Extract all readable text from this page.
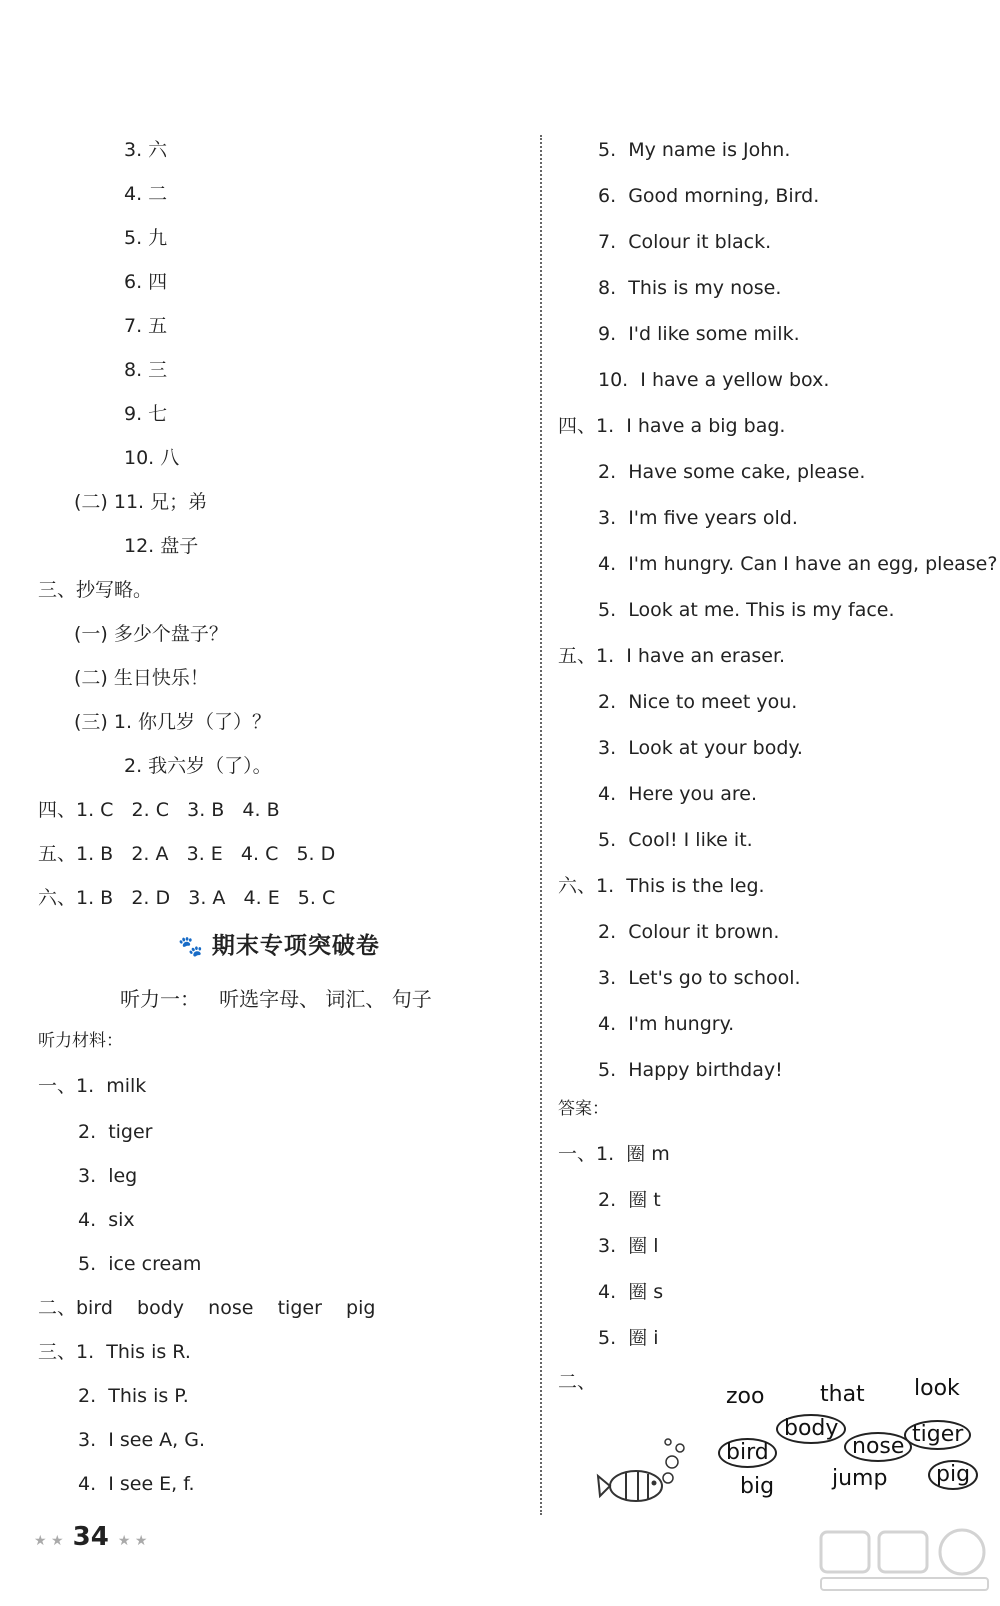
3. 六
4. 二
5. 九
6. 四
7. 五
8. 三
9. 七
10. 八
(二) 11. 兄；弟
12. 盘子
三、抄写略。
(一) 多少个盘子？
(二) 生日快乐！
(三) 1. 你几岁（了）？
2. 我六岁（了）。
四、1. C   2. C   3. B   4. B
五、1. B   2. A   3. E   4. C   5. D
六、1. B   2. D   3. A   4. E   5. C
🐾 期末专项突破卷
听力一：   听选字母、 词汇、 句子
听力材料：
一、1.  milk
2.  tiger
3.  leg
4.  six
5.  ice cream
二、bird    body    nose    tiger    pig
三、1.  This is R.
2.  This is P.
3.  I see A, G.
4.  I see E, f.
5.  My name is John.
6.  Good morning, Bird.
7.  Colour it black.
8.  This is my nose.
9.  I'd like some milk.
10.  I have a yellow box.
四、1.  I have a big bag.
2.  Have some cake, please.
3.  I'm five years old.
4.  I'm hungry. Can I have an egg, please?
5.  Look at me. This is my face.
五、1.  I have an eraser.
2.  Nice to meet you.
3.  Look at your body.
4.  Here you are.
5.  Cool! I like it.
六、1.  This is the leg.
2.  Colour it brown.
3.  Let's go to school.
4.  I'm hungry.
5.  Happy birthday!
答案：
一、1.  圈 m
2.  圈 t
3.  圈 l
4.  圈 s
5.  圈 i
二、
zoo	that look
big	jump
body	tiger
bird	nose
pig
★ ★ 34 ★ ★
